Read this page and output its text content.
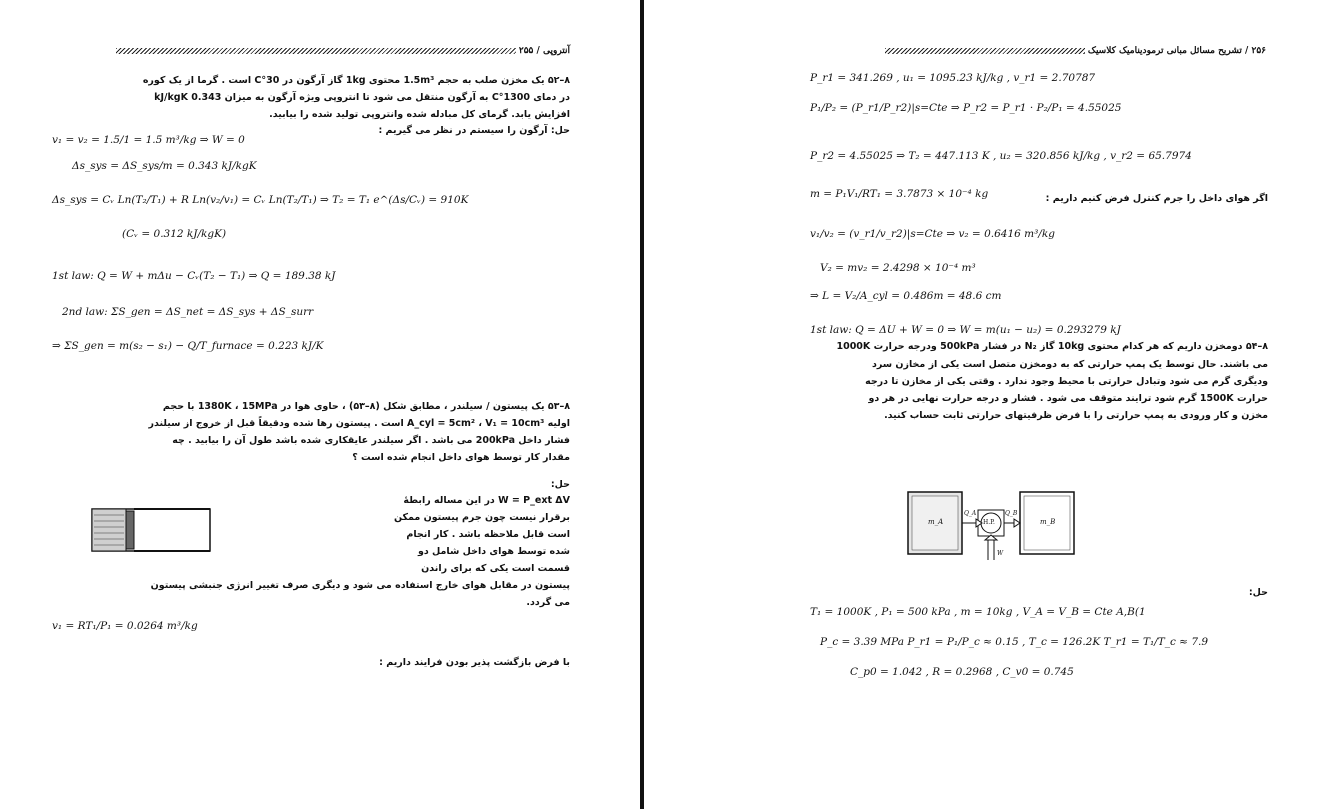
آنتروپی / ۲۵۵
۸–۵۲ یک مخزن صلب به حجم 1.5m³ محتوی 1kg گاز آرگون در 30°C است . گرما از یک کوره
در دمای 1300°C به آرگون منتقل می شود تا انتروپی ویژه آرگون به میزان 0.343 kJ/kgK
افزایش یابد. گرمای کل مبادله شده وانتروپی تولید شده را بیابید.
حل: آرگون را سیستم در نظر می گیریم :
v₁ = v₂ = 1.5/1 = 1.5 m³/kg ⇒ W = 0
Δs_sys = ΔS_sys/m = 0.343 kJ/kgK
Δs_sys = Cᵥ Ln(T₂/T₁) + R Ln(v₂/v₁) = Cᵥ Ln(T₂/T₁) ⇒ T₂ = T₁ e^(Δs/Cᵥ) = 910K
(Cᵥ = 0.312 kJ/kgK)
1st law: Q = W + mΔu − Cᵥ(T₂ − T₁) ⇒ Q = 189.38 kJ
2nd law: ΣS_gen = ΔS_net = ΔS_sys + ΔS_surr
⇒ ΣS_gen = m(s₂ − s₁) − Q/T_furnace = 0.223 kJ/K
۸–۵۳ یک پیستون / سیلندر ، مطابق شکل (۸–۵۳) ، حاوی هوا در 1380K ، 15MPa با حجم
اولیه A_cyl = 5cm² ، V₁ = 10cm³ است . پیستون رها شده ودقیقاً قبل از خروج از سیلندر
فشار داخل 200kPa می باشد . اگر سیلندر عایقکاری شده باشد طول آن را بیابید . چه
مقدار کار توسط هوای داخل انجام شده است ؟
حل:
W = P_ext ΔV در این مساله رابطهٔ
برقرار نیست چون جرم پیستون ممکن
است قابل ملاحظه باشد . کار انجام
شده توسط هوای داخل شامل دو
قسمت است یکی که برای راندن
پیستون در مقابل هوای خارج استفاده می شود و دیگری صرف تغییر انرژی جنبشی پیستون
می گردد.
v₁ = RT₁/P₁ = 0.0264 m³/kg
با فرض بازگشت پذیر بودن فرایند داریم :
۲۵۶ / تشریح مسائل مبانی ترمودینامیک کلاسیک
P_r1 = 341.269 , u₁ = 1095.23 kJ/kg , v_r1 = 2.70787
P₁/P₂ = (P_r1/P_r2)|s=Cte ⇒ P_r2 = P_r1 · P₂/P₁ = 4.55025
P_r2 = 4.55025 ⇒ T₂ = 447.113 K , u₂ = 320.856 kJ/kg , v_r2 = 65.7974
m = P₁V₁/RT₁ = 3.7873 × 10⁻⁴ kg	اگر هوای داخل را جرم کنترل فرض کنیم داریم :
v₁/v₂ = (v_r1/v_r2)|s=Cte ⇒ v₂ = 0.6416 m³/kg
V₂ = mv₂ = 2.4298 × 10⁻⁴ m³
⇒ L = V₂/A_cyl = 0.486m = 48.6 cm
1st law: Q = ΔU + W = 0 ⇒ W = m(u₁ − u₂) = 0.293279 kJ
۸–۵۴ دومخزن داریم که هر کدام محتوی 10kg گاز N₂ در فشار 500kPa ودرجه حرارت 1000K
می باشند. حال توسط یک پمپ حرارتی که به دومخزن متصل است یکی از مخازن سرد
ودیگری گرم می شود وتبادل حرارتی با محیط وجود ندارد . وقتی یکی از مخازن تا درجه
حرارت 1500K گرم شود ترایند متوقف می شود . فشار و درجه حرارت نهایی در هر دو
مخزن و کار ورودی به پمپ حرارتی را با فرض ظرفیتهای حرارتی ثابت حساب کنید.
m_A	m_B
H.P.
Q_A	Q_B
W
حل:
T₁ = 1000K , P₁ = 500 kPa , m = 10kg , V_A = V_B = Cte A,B(1
P_c = 3.39 MPa P_r1 = P₁/P_c ≈ 0.15 , T_c = 126.2K T_r1 = T₁/T_c ≈ 7.9
C_p0 = 1.042 , R = 0.2968 , C_v0 = 0.745
